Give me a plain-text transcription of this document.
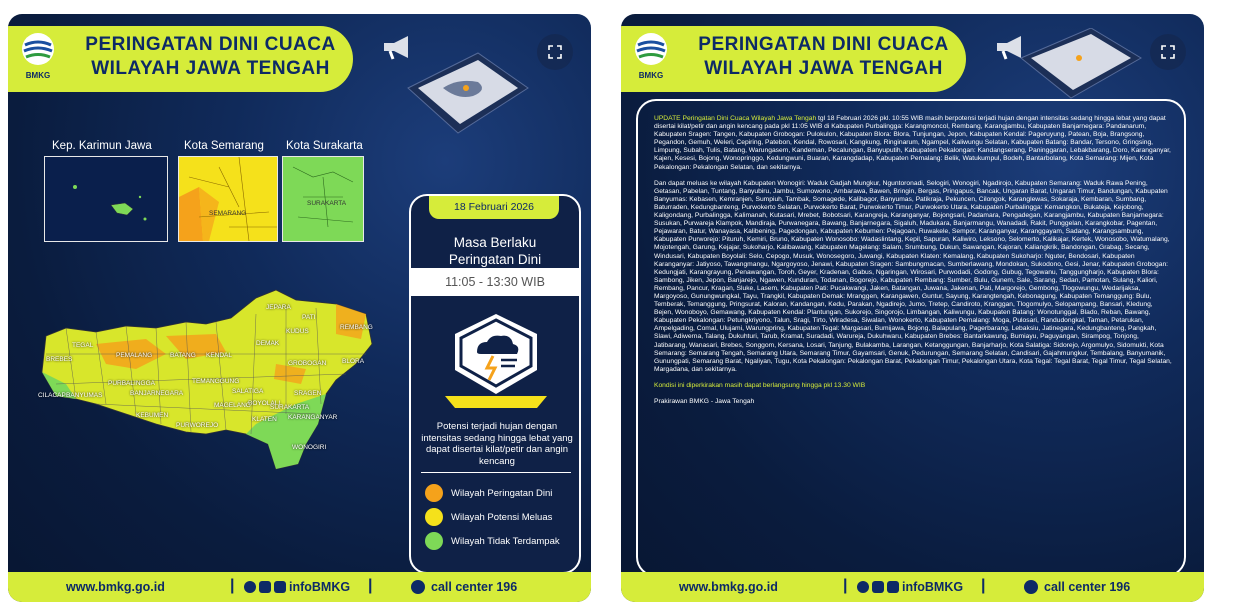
BMKG
PERINGATAN DINI CUACA
WILAYAH JAWA TENGAH
Kep. Karimun Jawa	Kota Semarang Kota Surakarta
SEMARANG
SURAKARTA
JEPARA
PATI
KUDUS
REMBANG
TEGAL
BREBES
PEMALANG	BATANG KENDAL
DEMAK
GROBOGAN BLORA
PURBALINGGA
BANJARNEGARA
TEMANGGUNG
CILACAP BANYUMAS
SALATIGA	SRAGEN
BOYOLALI
SURAKARTA
KARANGANYAR
KLATEN
MAGELANG
KEBUMEN
PURWOREJO
WONOGIRI
18 Februari 2026
Masa Berlaku
Peringatan Dini
11:05 - 13:30 WIB
Potensi terjadi hujan dengan intensitas sedang hingga lebat yang dapat disertai kilat/petir dan angin kencang
Wilayah Peringatan Dini
Wilayah Potensi Meluas
Wilayah Tidak Terdampak
www.bmkg.go.id	|	infoBMKG |	call center 196
BMKG
PERINGATAN DINI CUACA
WILAYAH JAWA TENGAH

UPDATE Peringatan Dini Cuaca Wilayah Jawa Tengah tgl 18 Februari 2026 pkl. 10:55 WIB masih berpotensi terjadi hujan dengan intensitas sedang hingga lebat yang dapat disertai kilat/petir dan angin kencang pada pkl 11:05 WIB di Kabupaten Purbalingga: Karangmoncol, Rembang, Karangjambu, Kabupaten Banjarnegara: Pandanarum, Kabupaten Sragen: Tangen, Kabupaten Grobogan: Pulokulon, Kabupaten Blora: Blora, Tunjungan, Jepon, Kabupaten Kendal: Pageruyung, Patean, Boja, Brangsong, Pegandon, Gemuh, Weleri, Cepiring, Patebon, Kendal, Rowosari, Kangkung, Ringinarum, Ngampel, Kaliwungu Selatan, Kabupaten Batang: Bandar, Tersono, Gringsing, Limpung, Subah, Tulis, Batang, Warungasem, Kandeman, Pecalungan, Banyuputih, Kabupaten Pekalongan: Kandangserang, Paninggaran, Lebakbarang, Doro, Karanganyar, Kajen, Kesesi, Bojong, Wonopringgo, Kedungwuni, Buaran, Karangdadap, Kabupaten Pemalang: Belik, Watukumpul, Bodeh, Bantarbolang, Kota Semarang: Mijen, Kota Pekalongan: Pekalongan Selatan, dan sekitarnya.

Dan dapat meluas ke wilayah Kabupaten Wonogiri: Waduk Gadjah Mungkur, Nguntoronadi, Selogiri, Wonogiri, Ngadirojo, Kabupaten Semarang: Waduk Rawa Pening, Getasan, Pabelan, Tuntang, Banyubiru, Jambu, Sumowono, Ambarawa, Bawen, Bringin, Bergas, Pringapus, Bancak, Ungaran Barat, Ungaran Timur, Bandungan, Kabupaten Banyumas: Kebasen, Kemranjen, Sumpiuh, Tambak, Somagede, Kalibagor, Banyumas, Patikraja, Pekuncen, Cilongok, Karanglewas, Sokaraja, Kembaran, Sumbang, Baturraden, Kedungbanteng, Purwokerto Selatan, Purwokerto Barat, Purwokerto Timur, Purwokerto Utara, Kabupaten Purbalingga: Kemangkon, Bukateja, Kejobong, Kaligondang, Purbalingga, Kalimanah, Kutasari, Mrebet, Bobotsari, Karangreja, Karanganyar, Bojongsari, Padamara, Pengadegan, Karangjambu, Kabupaten Banjarnegara: Susukan, Purwareja Klampok, Mandiraja, Purwanegara, Bawang, Banjarnegara, Sigaluh, Madukara, Banjarmangu, Wanadadi, Rakit, Punggelan, Karangkobar, Pagentan, Pejawaran, Batur, Wanayasa, Kalibening, Pagedongan, Kabupaten Kebumen: Pejagoan, Ruwakele, Sempor, Karanganyar, Karanggayam, Sadang, Karangsambung, Kabupaten Purworejo: Pituruh, Kemiri, Bruno, Kabupaten Wonosobo: Wadaslintang, Kepil, Sapuran, Kaliwiro, Leksono, Selomerto, Kalikajar, Kertek, Wonosobo, Watumalang, Mojotengah, Garung, Kejajar, Sukoharjo, Kalibawang, Kabupaten Magelang: Salam, Srumbung, Dukun, Sawangan, Kajoran, Kaliangkrik, Bandongan, Grabag, Secang, Windusari, Kabupaten Boyolali: Selo, Cepogo, Musuk, Wonosegoro, Juwangi, Kabupaten Klaten: Kemalang, Kabupaten Sukoharjo: Nguter, Bendosari, Kabupaten Karanganyar: Jatiyoso, Tawangmangu, Ngargoyoso, Jenawi, Kabupaten Sragen: Sambungmacan, Sumberlawang, Mondokan, Sukodono, Gesi, Jenar, Kabupaten Grobogan: Kedungjati, Karangrayung, Penawangan, Toroh, Geyer, Kradenan, Gabus, Ngaringan, Wirosari, Purwodadi, Godong, Gubug, Tegowanu, Tanggungharjo, Kabupaten Blora: Sambong, Jiken, Jepon, Banjarejo, Ngawen, Kunduran, Todanan, Bogorejo, Kabupaten Rembang: Sumber, Bulu, Gunem, Sale, Sarang, Sedan, Pamotan, Sulang, Kaliori, Rembang, Pancur, Kragan, Sluke, Lasem, Kabupaten Pati: Pucakwangi, Jaken, Batangan, Juwana, Jakenan, Pati, Margorejo, Gembong, Tlogowungu, Wedarijaksa, Margoyoso, Gunungwungkal, Tayu, Trangkil, Kabupaten Demak: Mranggen, Karangawen, Guntur, Sayung, Karangtengah, Kebonagung, Kabupaten Temanggung: Bulu, Temberak, Temanggung, Pringsurat, Kaloran, Kandangan, Kedu, Parakan, Ngadirejo, Jumo, Tretep, Candiroto, Kranggan, Tlogomulyo, Selopampang, Bansari, Kledung, Bejen, Wonoboyo, Gemawang, Kabupaten Kendal: Plantungan, Sukorejo, Singorojo, Limbangan, Kaliwungu, Kabupaten Batang: Wonotunggal, Blado, Reban, Bawang, Kabupaten Pekalongan: Petungkriyono, Talun, Sragi, Tirto, Wiradesa, Siwalan, Wonokerto, Kabupaten Pemalang: Moga, Pulosari, Randudongkal, Taman, Petarukan, Ampelgading, Comal, Ulujami, Warungpring, Kabupaten Tegal: Margasari, Bumijawa, Bojong, Balapulang, Pagerbarang, Lebaksiu, Jatinegara, Kedungbanteng, Pangkah, Slawi, Adiwerna, Talang, Dukuhturi, Tarub, Kramat, Suradadi, Warureja, Dukuhwaru, Kabupaten Brebes: Bantarkawung, Bumiayu, Paguyangan, Sirampog, Tonjong, Jatibarang, Wanasari, Brebes, Songgom, Kersana, Losari, Tanjung, Bulakamba, Larangan, Ketanggungan, Banjarharjo, Kota Salatiga: Sidorejo, Argomulyo, Sidomukti, Kota Semarang: Semarang Tengah, Semarang Utara, Semarang Timur, Gayamsari, Genuk, Pedurungan, Semarang Selatan, Candisari, Gajahmungkur, Tembalang, Banyumanik, Gunungpati, Semarang Barat, Ngaliyan, Tugu, Kota Pekalongan: Pekalongan Barat, Pekalongan Timur, Pekalongan Utara, Kota Tegal: Tegal Barat, Tegal Timur, Tegal Selatan, Margadana, dan sekitarnya.

Kondisi ini diperkirakan masih dapat berlangsung hingga pkl 13.30 WIB

Prakirawan BMKG - Jawa Tengah

www.bmkg.go.id	|	infoBMKG |	call center 196
